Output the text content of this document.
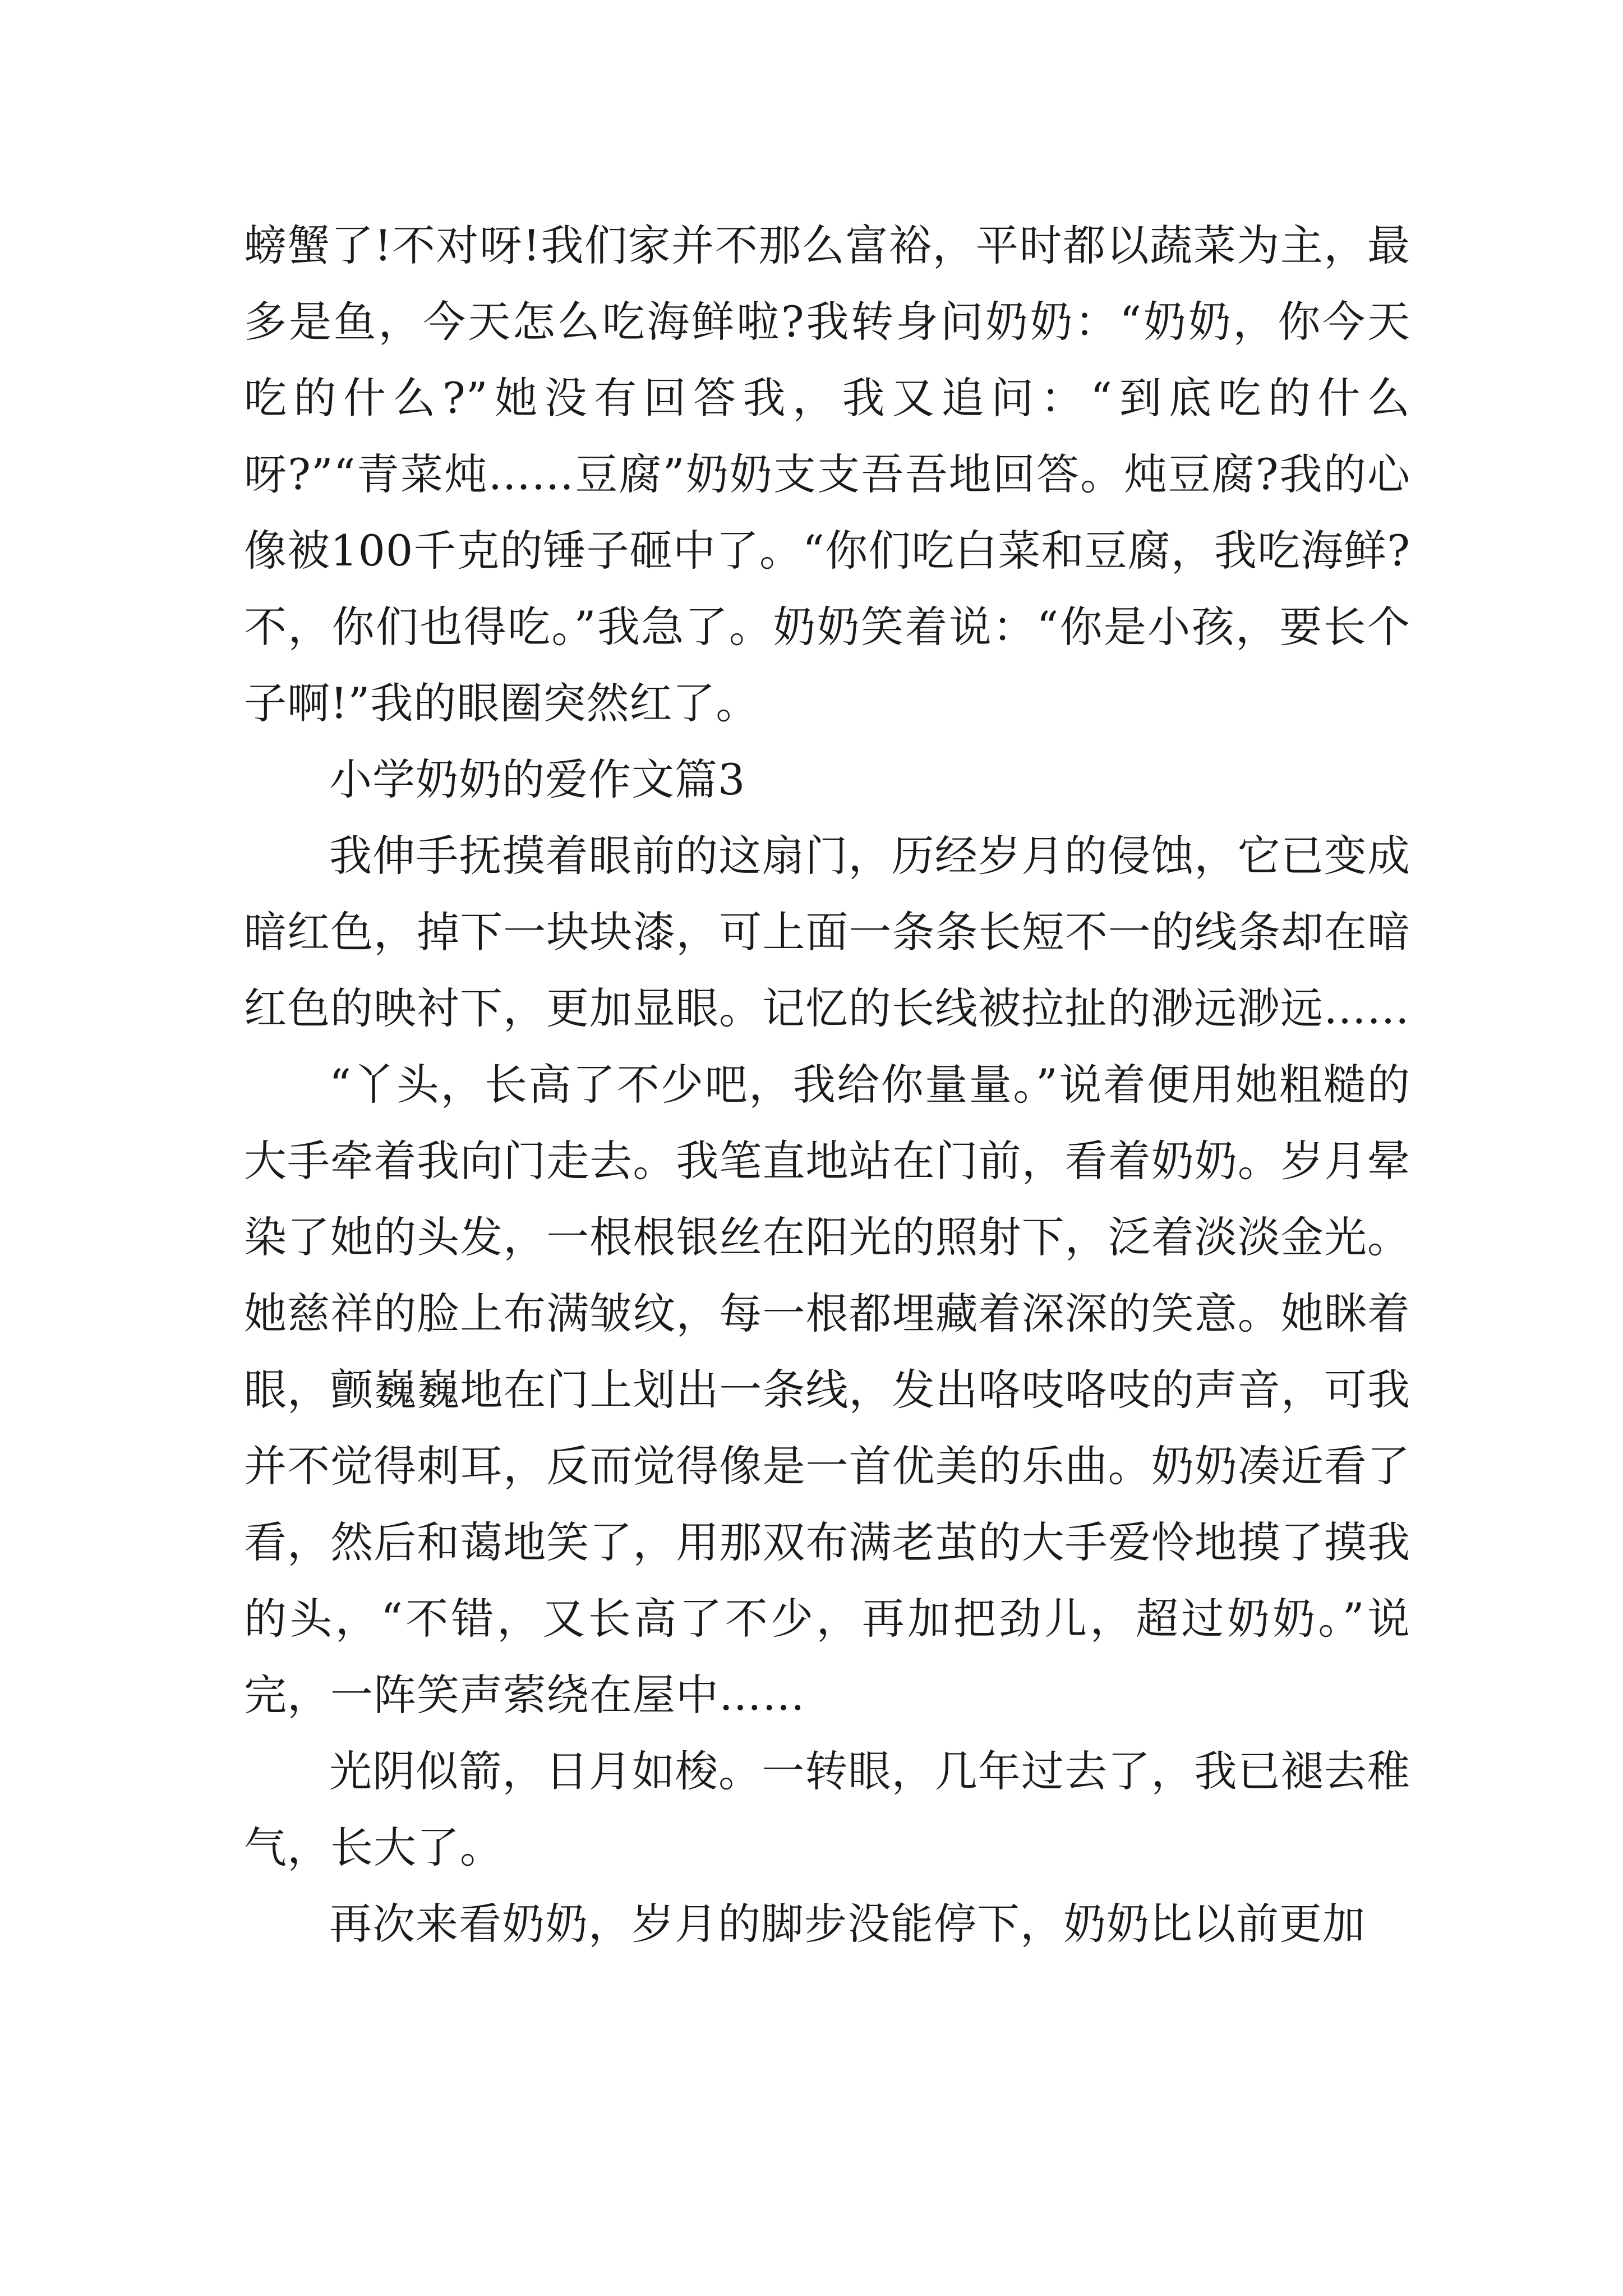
螃蟹了!不对呀!我们家并不那么富裕，平时都以蔬菜为主，最多是鱼，今天怎么吃海鲜啦?我转身问奶奶：“奶奶，你今天吃的什么?”她没有回答我，我又追问：“到底吃的什么呀?”“青菜炖……豆腐”奶奶支支吾吾地回答。炖豆腐?我的心像被100千克的锤子砸中了。“你们吃白菜和豆腐，我吃海鲜?不，你们也得吃。”我急了。奶奶笑着说：“你是小孩，要长个子啊!”我的眼圈突然红了。

小学奶奶的爱作文篇3

我伸手抚摸着眼前的这扇门，历经岁月的侵蚀，它已变成暗红色，掉下一块块漆，可上面一条条长短不一的线条却在暗红色的映衬下，更加显眼。记忆的长线被拉扯的渺远渺远……

“丫头，长高了不少吧，我给你量量。”说着便用她粗糙的大手牵着我向门走去。我笔直地站在门前，看着奶奶。岁月晕染了她的头发，一根根银丝在阳光的照射下，泛着淡淡金光。她慈祥的脸上布满皱纹，每一根都埋藏着深深的笑意。她眯着眼，颤巍巍地在门上划出一条线，发出咯吱咯吱的声音，可我并不觉得刺耳，反而觉得像是一首优美的乐曲。奶奶凑近看了看，然后和蔼地笑了，用那双布满老茧的大手爱怜地摸了摸我的头，“不错，又长高了不少，再加把劲儿，超过奶奶。”说完，一阵笑声萦绕在屋中……

光阴似箭，日月如梭。一转眼，几年过去了，我已褪去稚气，长大了。

再次来看奶奶，岁月的脚步没能停下，奶奶比以前更加
